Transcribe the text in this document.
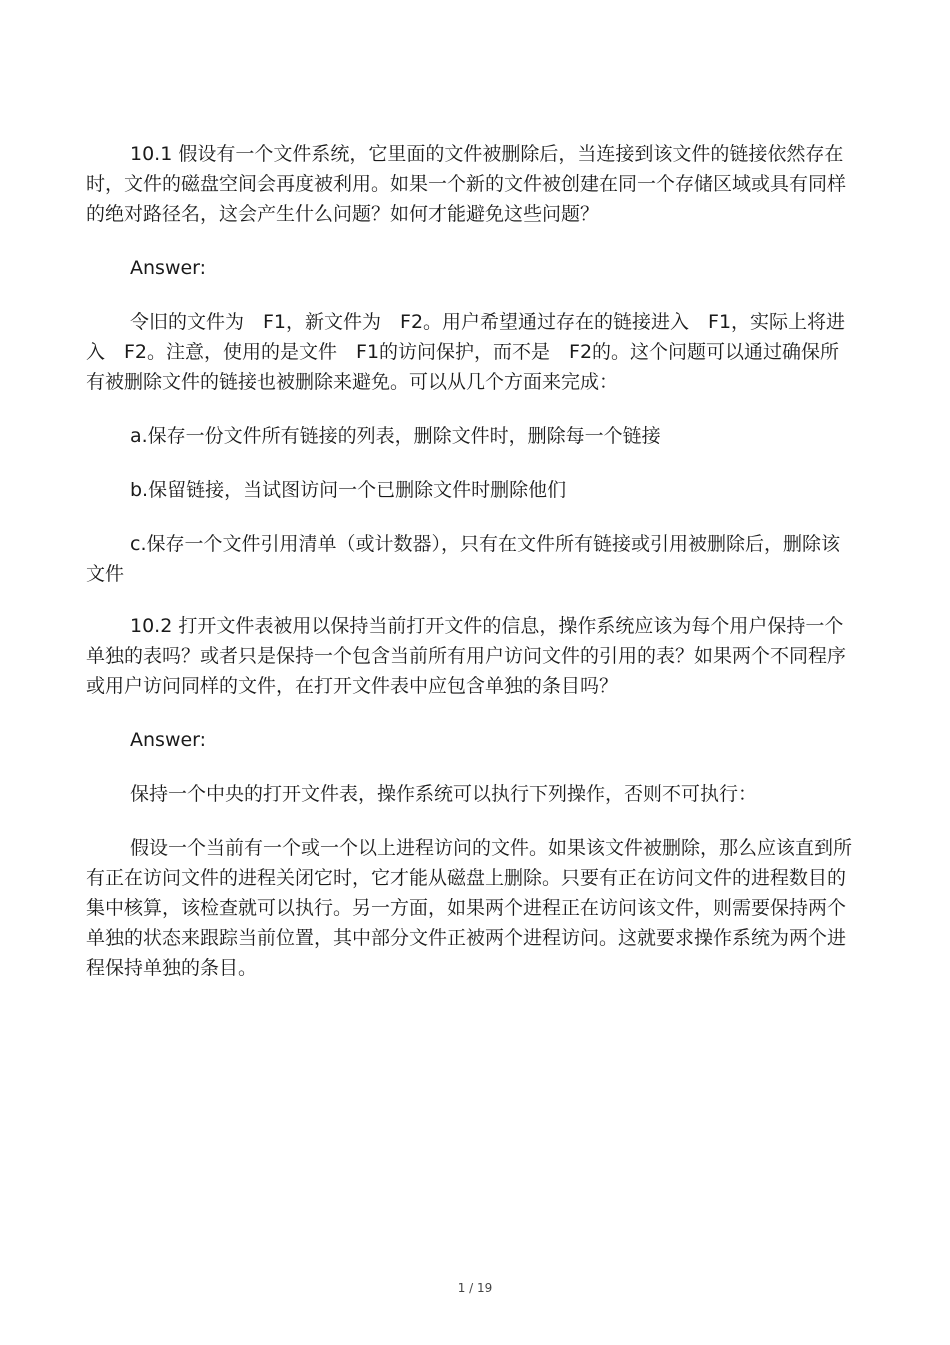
10.1 假设有一个文件系统，它里面的文件被删除后，当连接到该文件的链接依然存在时，文件的磁盘空间会再度被利用。如果一个新的文件被创建在同一个存储区域或具有同样的绝对路径名，这会产生什么问题？如何才能避免这些问题？

Answer:

令旧的文件为　F1，新文件为　F2。用户希望通过存在的链接进入　F1，实际上将进入　F2。注意，使用的是文件　F1的访问保护，而不是　F2的。这个问题可以通过确保所有被删除文件的链接也被删除来避免。可以从几个方面来完成：

a.保存一份文件所有链接的列表，删除文件时，删除每一个链接

b.保留链接，当试图访问一个已删除文件时删除他们

c.保存一个文件引用清单（或计数器），只有在文件所有链接或引用被删除后，删除该文件

10.2 打开文件表被用以保持当前打开文件的信息，操作系统应该为每个用户保持一个单独的表吗？或者只是保持一个包含当前所有用户访问文件的引用的表？如果两个不同程序或用户访问同样的文件，在打开文件表中应包含单独的条目吗？

Answer:

保持一个中央的打开文件表，操作系统可以执行下列操作，否则不可执行：

假设一个当前有一个或一个以上进程访问的文件。如果该文件被删除，那么应该直到所有正在访问文件的进程关闭它时，它才能从磁盘上删除。只要有正在访问文件的进程数目的集中核算，该检查就可以执行。另一方面，如果两个进程正在访问该文件，则需要保持两个单独的状态来跟踪当前位置，其中部分文件正被两个进程访问。这就要求操作系统为两个进程保持单独的条目。

1 / 19
